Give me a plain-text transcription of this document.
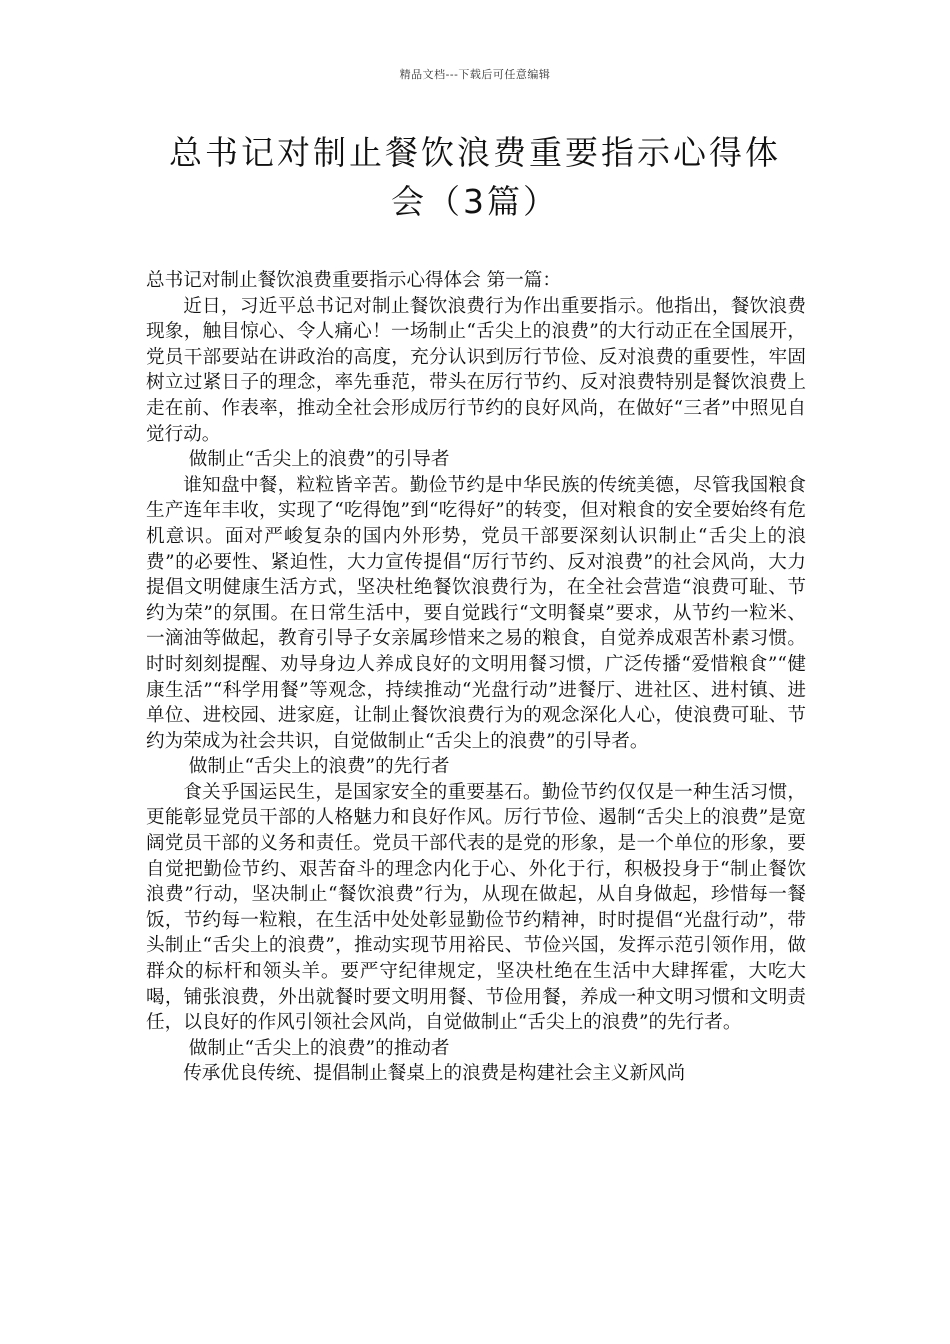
精品文档---下载后可任意编辑
总书记对制止餐饮浪费重要指示心得体
会（3篇）

总书记对制止餐饮浪费重要指示心得体会 第一篇：

近日，习近平总书记对制止餐饮浪费行为作出重要指示。他指出，餐饮浪费现象，触目惊心、令人痛心！一场制止“舌尖上的浪费”的大行动正在全国展开，党员干部要站在讲政治的高度，充分认识到厉行节俭、反对浪费的重要性，牢固树立过紧日子的理念，率先垂范，带头在厉行节约、反对浪费特别是餐饮浪费上走在前、作表率，推动全社会形成厉行节约的良好风尚，在做好“三者”中照见自觉行动。

做制止“舌尖上的浪费”的引导者

谁知盘中餐，粒粒皆辛苦。勤俭节约是中华民族的传统美德，尽管我国粮食生产连年丰收，实现了“吃得饱”到“吃得好”的转变，但对粮食的安全要始终有危机意识。面对严峻复杂的国内外形势，党员干部要深刻认识制止“舌尖上的浪费”的必要性、紧迫性，大力宣传提倡“厉行节约、反对浪费”的社会风尚，大力提倡文明健康生活方式，坚决杜绝餐饮浪费行为，在全社会营造“浪费可耻、节约为荣”的氛围。在日常生活中，要自觉践行“文明餐桌”要求，从节约一粒米、一滴油等做起，教育引导子女亲属珍惜来之易的粮食，自觉养成艰苦朴素习惯。时时刻刻提醒、劝导身边人养成良好的文明用餐习惯，广泛传播“爱惜粮食”“健康生活”“科学用餐”等观念，持续推动“光盘行动”进餐厅、进社区、进村镇、进单位、进校园、进家庭，让制止餐饮浪费行为的观念深化人心，使浪费可耻、节约为荣成为社会共识，自觉做制止“舌尖上的浪费”的引导者。

做制止“舌尖上的浪费”的先行者

食关乎国运民生，是国家安全的重要基石。勤俭节约仅仅是一种生活习惯，更能彰显党员干部的人格魅力和良好作风。厉行节俭、遏制“舌尖上的浪费”是宽阔党员干部的义务和责任。党员干部代表的是党的形象，是一个单位的形象，要自觉把勤俭节约、艰苦奋斗的理念内化于心、外化于行，积极投身于“制止餐饮浪费”行动，坚决制止“餐饮浪费”行为，从现在做起，从自身做起，珍惜每一餐饭，节约每一粒粮，在生活中处处彰显勤俭节约精神，时时提倡“光盘行动”，带头制止“舌尖上的浪费”，推动实现节用裕民、节俭兴国，发挥示范引领作用，做群众的标杆和领头羊。要严守纪律规定，坚决杜绝在生活中大肆挥霍，大吃大喝，铺张浪费，外出就餐时要文明用餐、节俭用餐，养成一种文明习惯和文明责任，以良好的作风引领社会风尚，自觉做制止“舌尖上的浪费”的先行者。

做制止“舌尖上的浪费”的推动者

传承优良传统、提倡制止餐桌上的浪费是构建社会主义新风尚
